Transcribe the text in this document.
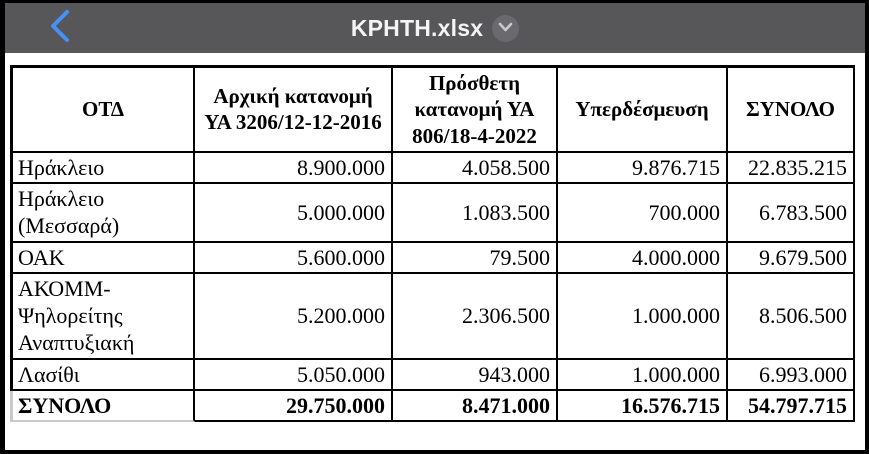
ΚΡΗΤΗ.xlsx
ΟΤΔ	Αρχική κατανομή ΥΑ 3206/12-12-2016	Πρόσθετη κατανομή ΥΑ 806/18-4-2022	Υπερδέσμευση	ΣΥΝΟΛΟ
Ηράκλειο	8.900.000	4.058.500	9.876.715	22.835.215
Ηράκλειο (Μεσσαρά)	5.000.000	1.083.500	700.000	6.783.500
ΟΑΚ	5.600.000	79.500	4.000.000	9.679.500
ΑΚΟΜΜ-Ψηλορείτης Αναπτυξιακή	5.200.000	2.306.500	1.000.000	8.506.500
Λασίθι	5.050.000	943.000	1.000.000	6.993.000
ΣΥΝΟΛΟ	29.750.000	8.471.000	16.576.715	54.797.715
